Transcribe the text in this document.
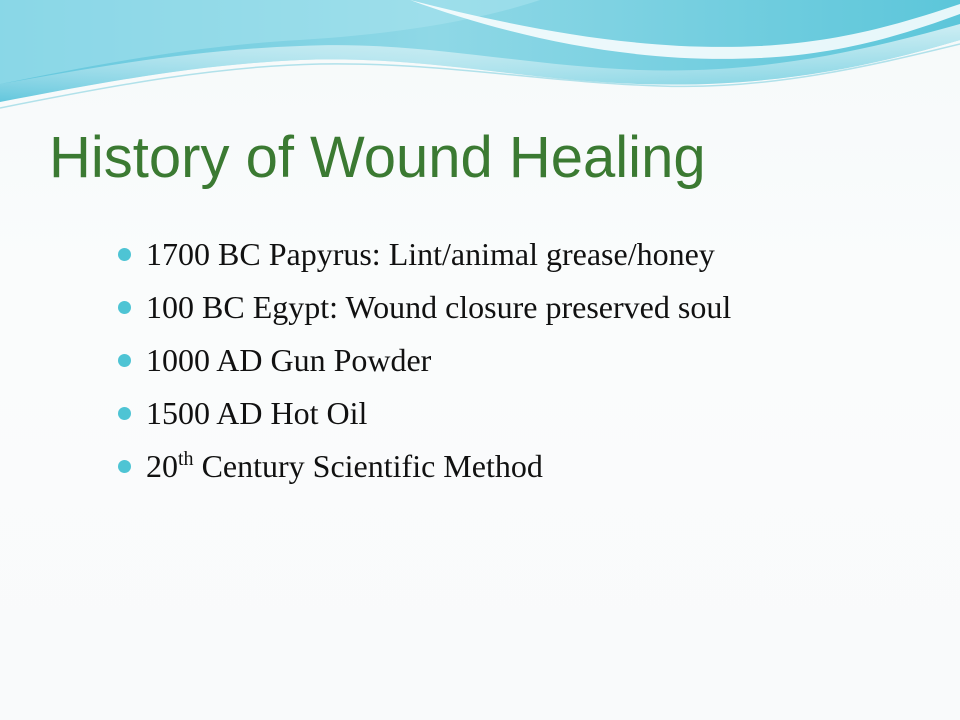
History of Wound Healing
1700 BC Papyrus: Lint/animal grease/honey
100 BC Egypt: Wound closure preserved soul
1000 AD Gun Powder
1500 AD Hot Oil
20th Century Scientific Method
